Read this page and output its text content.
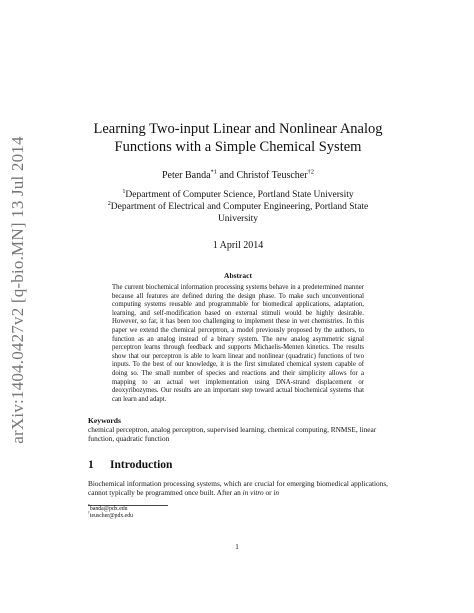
arXiv:1404.0427v2 [q-bio.MN] 13 Jul 2014
Learning Two-input Linear and Nonlinear Analog
Functions with a Simple Chemical System
Peter Banda$^{*1}$ and Christof Teuscher$^{\dagger 2}$
$^1$Department of Computer Science, Portland State University
$^2$Department of Electrical and Computer Engineering, Portland State
University
1 April 2014
Abstract

The current biochemical information processing systems behave in a predetermined manner because all features are defined during the design phase. To make such unconventional computing systems reusable and programmable for biomedical applications, adaptation, learning, and self-modification based on external stimuli would be highly desirable. However, so far, it has been too challenging to implement these in wet chemistries. In this paper we extend the chemical perceptron, a model previously proposed by the authors, to function as an analog instead of a binary system. The new analog asymmetric signal perceptron learns through feedback and supports Michaelis-Menten kinetics. The results show that our perceptron is able to learn linear and nonlinear (quadratic) functions of two inputs. To the best of our knowledge, it is the first simulated chemical system capable of doing so. The small number of species and reactions and their simplicity allows for a mapping to an actual wet implementation using DNA-strand displacement or deoxyribozymes. Our results are an important step toward actual biochemical systems that can learn and adapt.

Keywords
chemical perceptron, analog perceptron, supervised learning, chemical computing, RNMSE, linear function, quadratic function
1 Introduction

Biochemical information processing systems, which are crucial for emerging biomedical applications, cannot typically be programmed once built. After an in vitro or in

*banda@pdx.edu
†teuscher@pdx.edu
1
